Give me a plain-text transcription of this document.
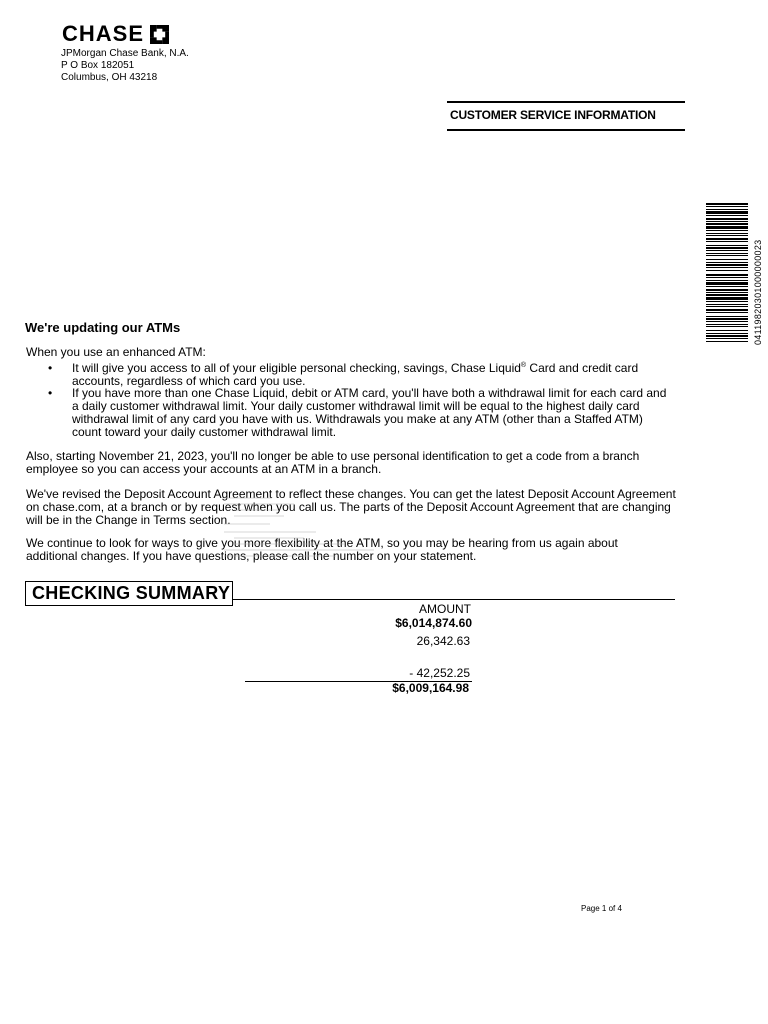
CHASE
JPMorgan Chase Bank, N.A.
P O Box 182051
Columbus, OH 43218
CUSTOMER SERVICE INFORMATION
04119820301000000023
We're updating our ATMs
When you use an enhanced ATM:
• It will give you access to all of your eligible personal checking, savings, Chase Liquid® Card and credit card accounts, regardless of which card you use.
• If you have more than one Chase Liquid, debit or ATM card, you'll have both a withdrawal limit for each card and a daily customer withdrawal limit. Your daily customer withdrawal limit will be equal to the highest daily card withdrawal limit of any card you have with us. Withdrawals you make at any ATM (other than a Staffed ATM) count toward your daily customer withdrawal limit.
Also, starting November 21, 2023, you'll no longer be able to use personal identification to get a code from a branch employee so you can access your accounts at an ATM in a branch.
We've revised the Deposit Account Agreement to reflect these changes. You can get the latest Deposit Account Agreement on chase.com, at a branch or by request when you call us. The parts of the Deposit Account Agreement that are changing will be in the Change in Terms section.
We continue to look for ways to give you more flexibility at the ATM, so you may be hearing from us again about additional changes. If you have questions, please call the number on your statement.
CHECKING SUMMARY
AMOUNT
$6,014,874.60
26,342.63
- 42,252.25
$6,009,164.98
Page 1 of 4
